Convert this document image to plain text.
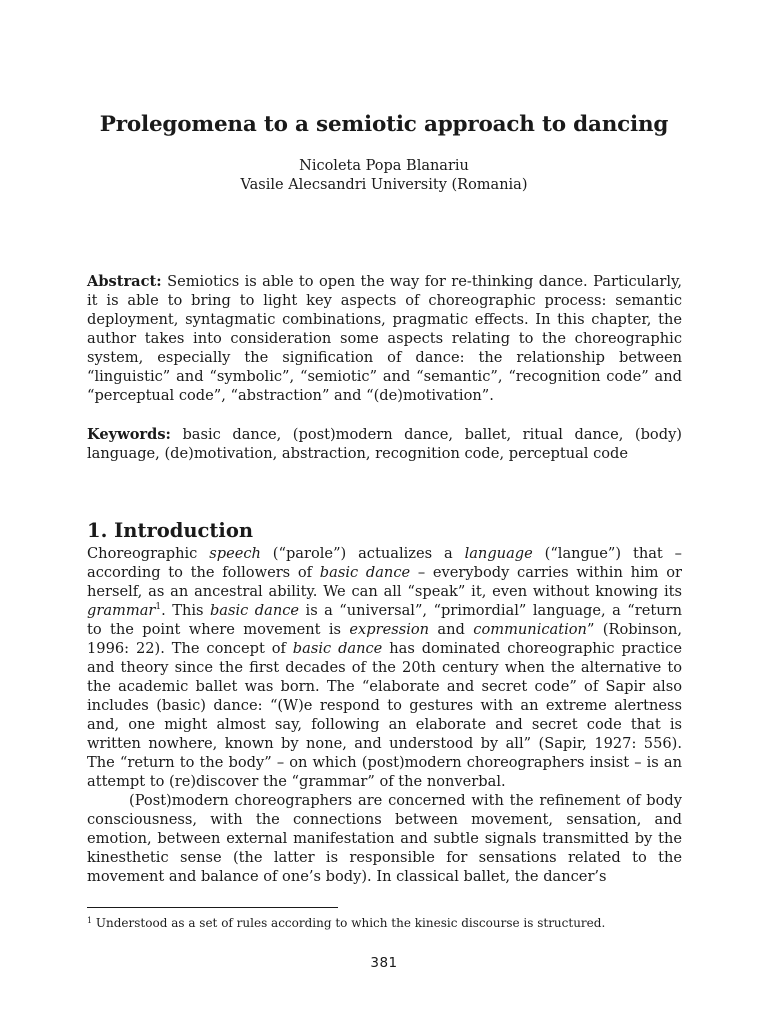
Prolegomena to a semiotic approach to dancing
Nicoleta Popa Blanariu
Vasile Alecsandri University (Romania)
Abstract: Semiotics is able to open the way for re-thinking dance. Particularly, it is able to bring to light key aspects of choreographic process: semantic deployment, syntagmatic combinations, pragmatic effects. In this chapter, the author takes into consideration some aspects relating to the choreographic system, especially the signification of dance: the relationship between “linguistic” and “symbolic”, “semiotic” and “semantic”, “recognition code” and “perceptual code”, “abstraction” and “(de)motivation”.
Keywords: basic dance, (post)modern dance, ballet, ritual dance, (body) language, (de)motivation, abstraction, recognition code, perceptual code
1. Introduction

Choreographic speech (“parole”) actualizes a language (“langue”) that – according to the followers of basic dance – everybody carries within him or herself, as an ancestral ability. We can all “speak” it, even without knowing its grammar$^1$. This basic dance is a “universal”, “primordial” language, a “return to the point where movement is expression and communication” (Robinson, 1996: 22). The concept of basic dance has dominated choreographic practice and theory since the first decades of the 20th century when the alternative to the academic ballet was born. The “elaborate and secret code” of Sapir also includes (basic) dance: “(W)e respond to gestures with an extreme alertness and, one might almost say, following an elaborate and secret code that is written nowhere, known by none, and understood by all” (Sapir, 1927: 556). The “return to the body” – on which (post)modern choreographers insist – is an attempt to (re)discover the “grammar” of the nonverbal.

(Post)modern choreographers are concerned with the refinement of body consciousness, with the connections between movement, sensation, and emotion, between external manifestation and subtle signals transmitted by the kinesthetic sense (the latter is responsible for sensations related to the movement and balance of one’s body). In classical ballet, the dancer’s

$^1$ Understood as a set of rules according to which the kinesic discourse is structured.
381
